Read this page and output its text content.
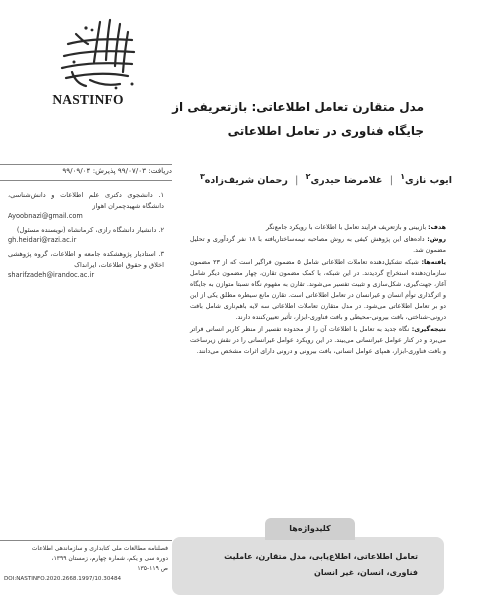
NASTINFO	مدل متقارن تعامل اطلاعاتی: بازتعریفی از
جایگاه فناوری در تعامل اطلاعاتی
ایوب نازی$^۱$ | غلامرضا حیدری$^۲$ | رحمان شریف‌زاده$^۳$
دریافت: ۹۹/۰۷/۰۳ پذیرش: ۹۹/۰۹/۰۴

۱. دانشجوی دکتری علم اطلاعات و دانش‌شناسی، دانشگاه شهید‌چمران اهواز
Ayoobnazi@gmail.com

۲. دانشیار دانشگاه رازی، کرمانشاه (نویسنده مسئول)
gh.heidari@razi.ac.ir

۳. استادیار پژوهشکده جامعه و اطلاعات، گروه پژوهشی اخلاق و حقوق اطلاعات، ایرانداک
sharifzadeh@irandoc.ac.ir

هدف: بازبینی و بازتعریف فرایند تعامل با اطلاعات با رویکرد جامع‌نگر

روش: داده‌های این پژوهش کیفی به روش مصاحبه نیمه‌ساختاریافته با ۱۸ نفر گردآوری و تحلیل مضمون شد.

یافته‌ها: شبکه تشکیل‌دهنده تعاملات اطلاعاتی شامل ۵ مضمون فراگیر است که از ۲۳ مضمون سازمان‌دهنده استخراج گردیدند. در این شبکه، با کمک مضمون تقارن، چهار مضمون دیگر شامل آغاز، جهت‌گیری، شکل‌سازی و تثبیت تفسیر می‌شوند. تقارن به مفهوم نگاه نسبتا متوازن به جایگاه و اثرگذاری توأم انسان و غیرانسان در تعامل اطلاعاتی است. تقارن مانع سیطره مطلق یکی از این دو بر تعامل اطلاعاتی می‌شود. در مدل متقارن تعاملات اطلاعاتی سه لایه باهم‌ناری شامل بافت درونی-شناختی، بافت بیرونی-محیطی و بافت فناوری-ابزار، تأثیر تعیین‌کننده دارند.

نتیجه‌گیری: نگاه جدید به تعامل با اطلاعات آن را از محدوده تفسیر از منظر کاربر انسانی فراتر می‌برد و در کنار عوامل غیرانسانی می‌بیند. در این رویکرد عوامل غیرانسانی را در نقش زیرساخت و بافت فناوری-ابزار، همپای عوامل انسانی، بافت بیرونی و درونی دارای اثرات مشخص می‌دانند.

کلیدواژه‌ها
تعامل اطلاعاتی، اطلاع‌یابی، مدل متقارن، عاملیت فناوری، انسان، غیر انسان
فصلنامه مطالعات ملی کتابداری و سازماندهی اطلاعات
دوره سی و یکم، شماره چهارم، زمستان ۱۳۹۹،
ص ۱۱۹-۱۳۵
DOI:NASTINFO.2020.2668.1997/10.30484
